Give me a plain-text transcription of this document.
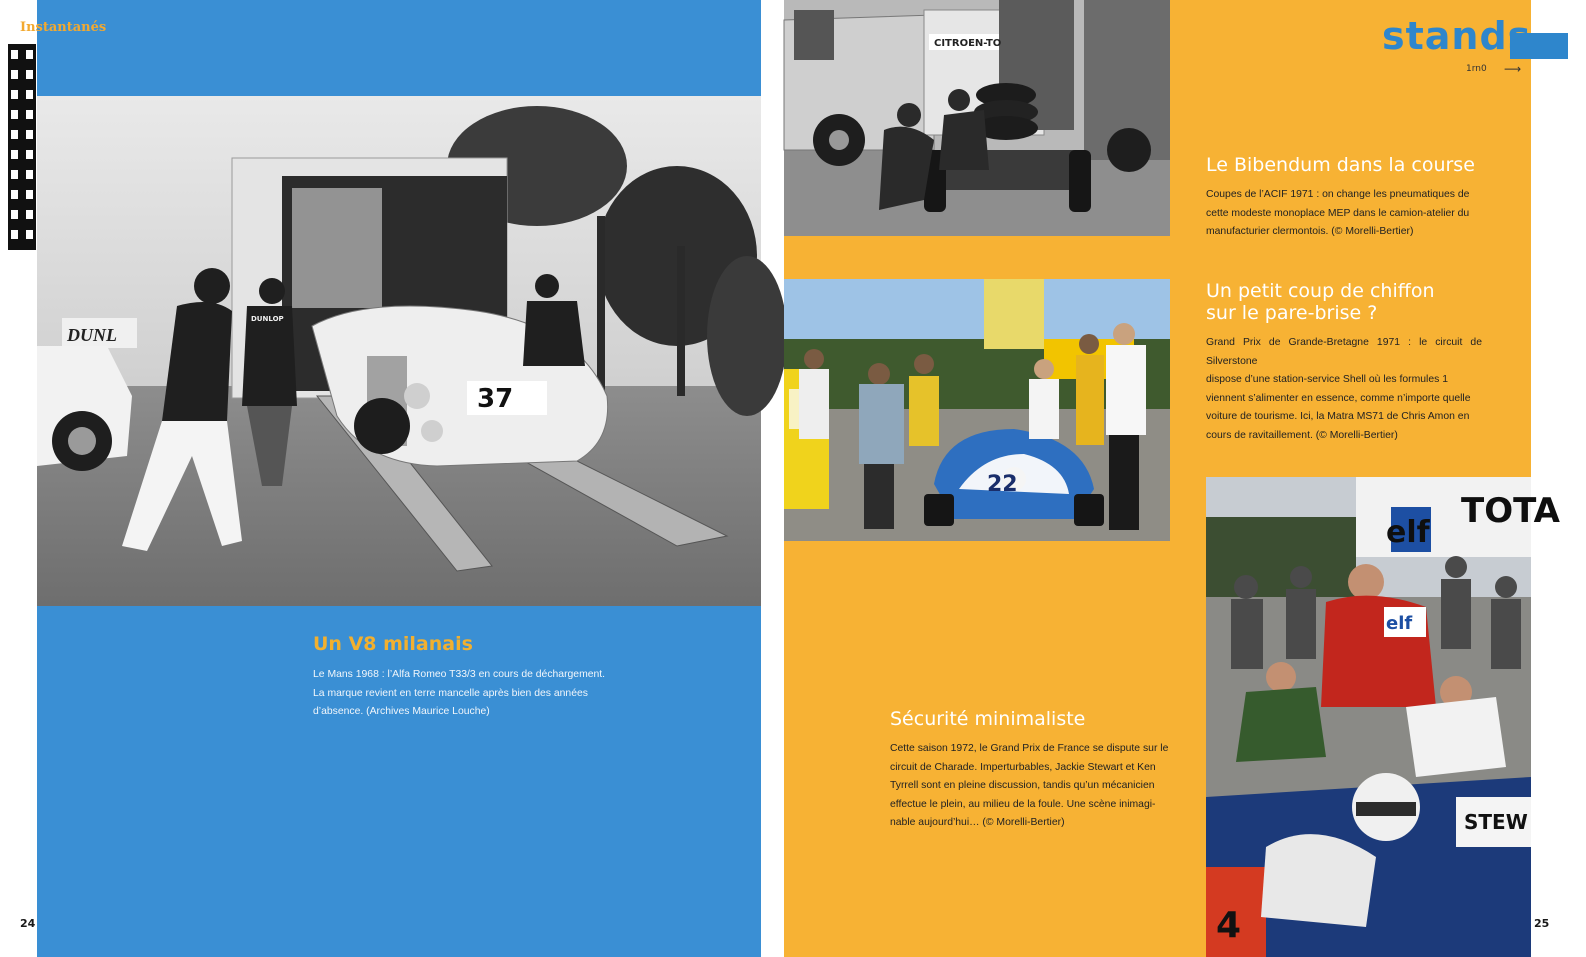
Instantanés
DUNL
37
DUNLOP
Un V8 milanais
Le Mans 1968 : l’Alfa Romeo T33/3 en cours de déchargement.
La marque revient en terre mancelle après bien des années
d’absence. (Archives Maurice Louche)
24
stands
1rn0 ⟶
CITROEN-TO
Le Bibendum dans la course
Coupes de l’ACIF 1971 : on change les pneumatiques de
cette modeste monoplace MEP dans le camion-atelier du
manufacturier clermontois. (© Morelli-Bertier)
22
Un petit coup de chiffon
sur le pare-brise ?
Grand Prix de Grande-Bretagne 1971 : le circuit de Silverstone
dispose d’une station-service Shell où les formules 1
viennent s’alimenter en essence, comme n’importe quelle
voiture de tourisme. Ici, la Matra MS71 de Chris Amon en
cours de ravitaillement. (© Morelli-Bertier)
elf
TOTA
elf
STEW
4
Sécurité minimaliste
Cette saison 1972, le Grand Prix de France se dispute sur le
circuit de Charade. Imperturbables, Jackie Stewart et Ken
Tyrrell sont en pleine discussion, tandis qu’un mécanicien
effectue le plein, au milieu de la foule. Une scène inimagi-
nable aujourd’hui… (© Morelli-Bertier)
25
